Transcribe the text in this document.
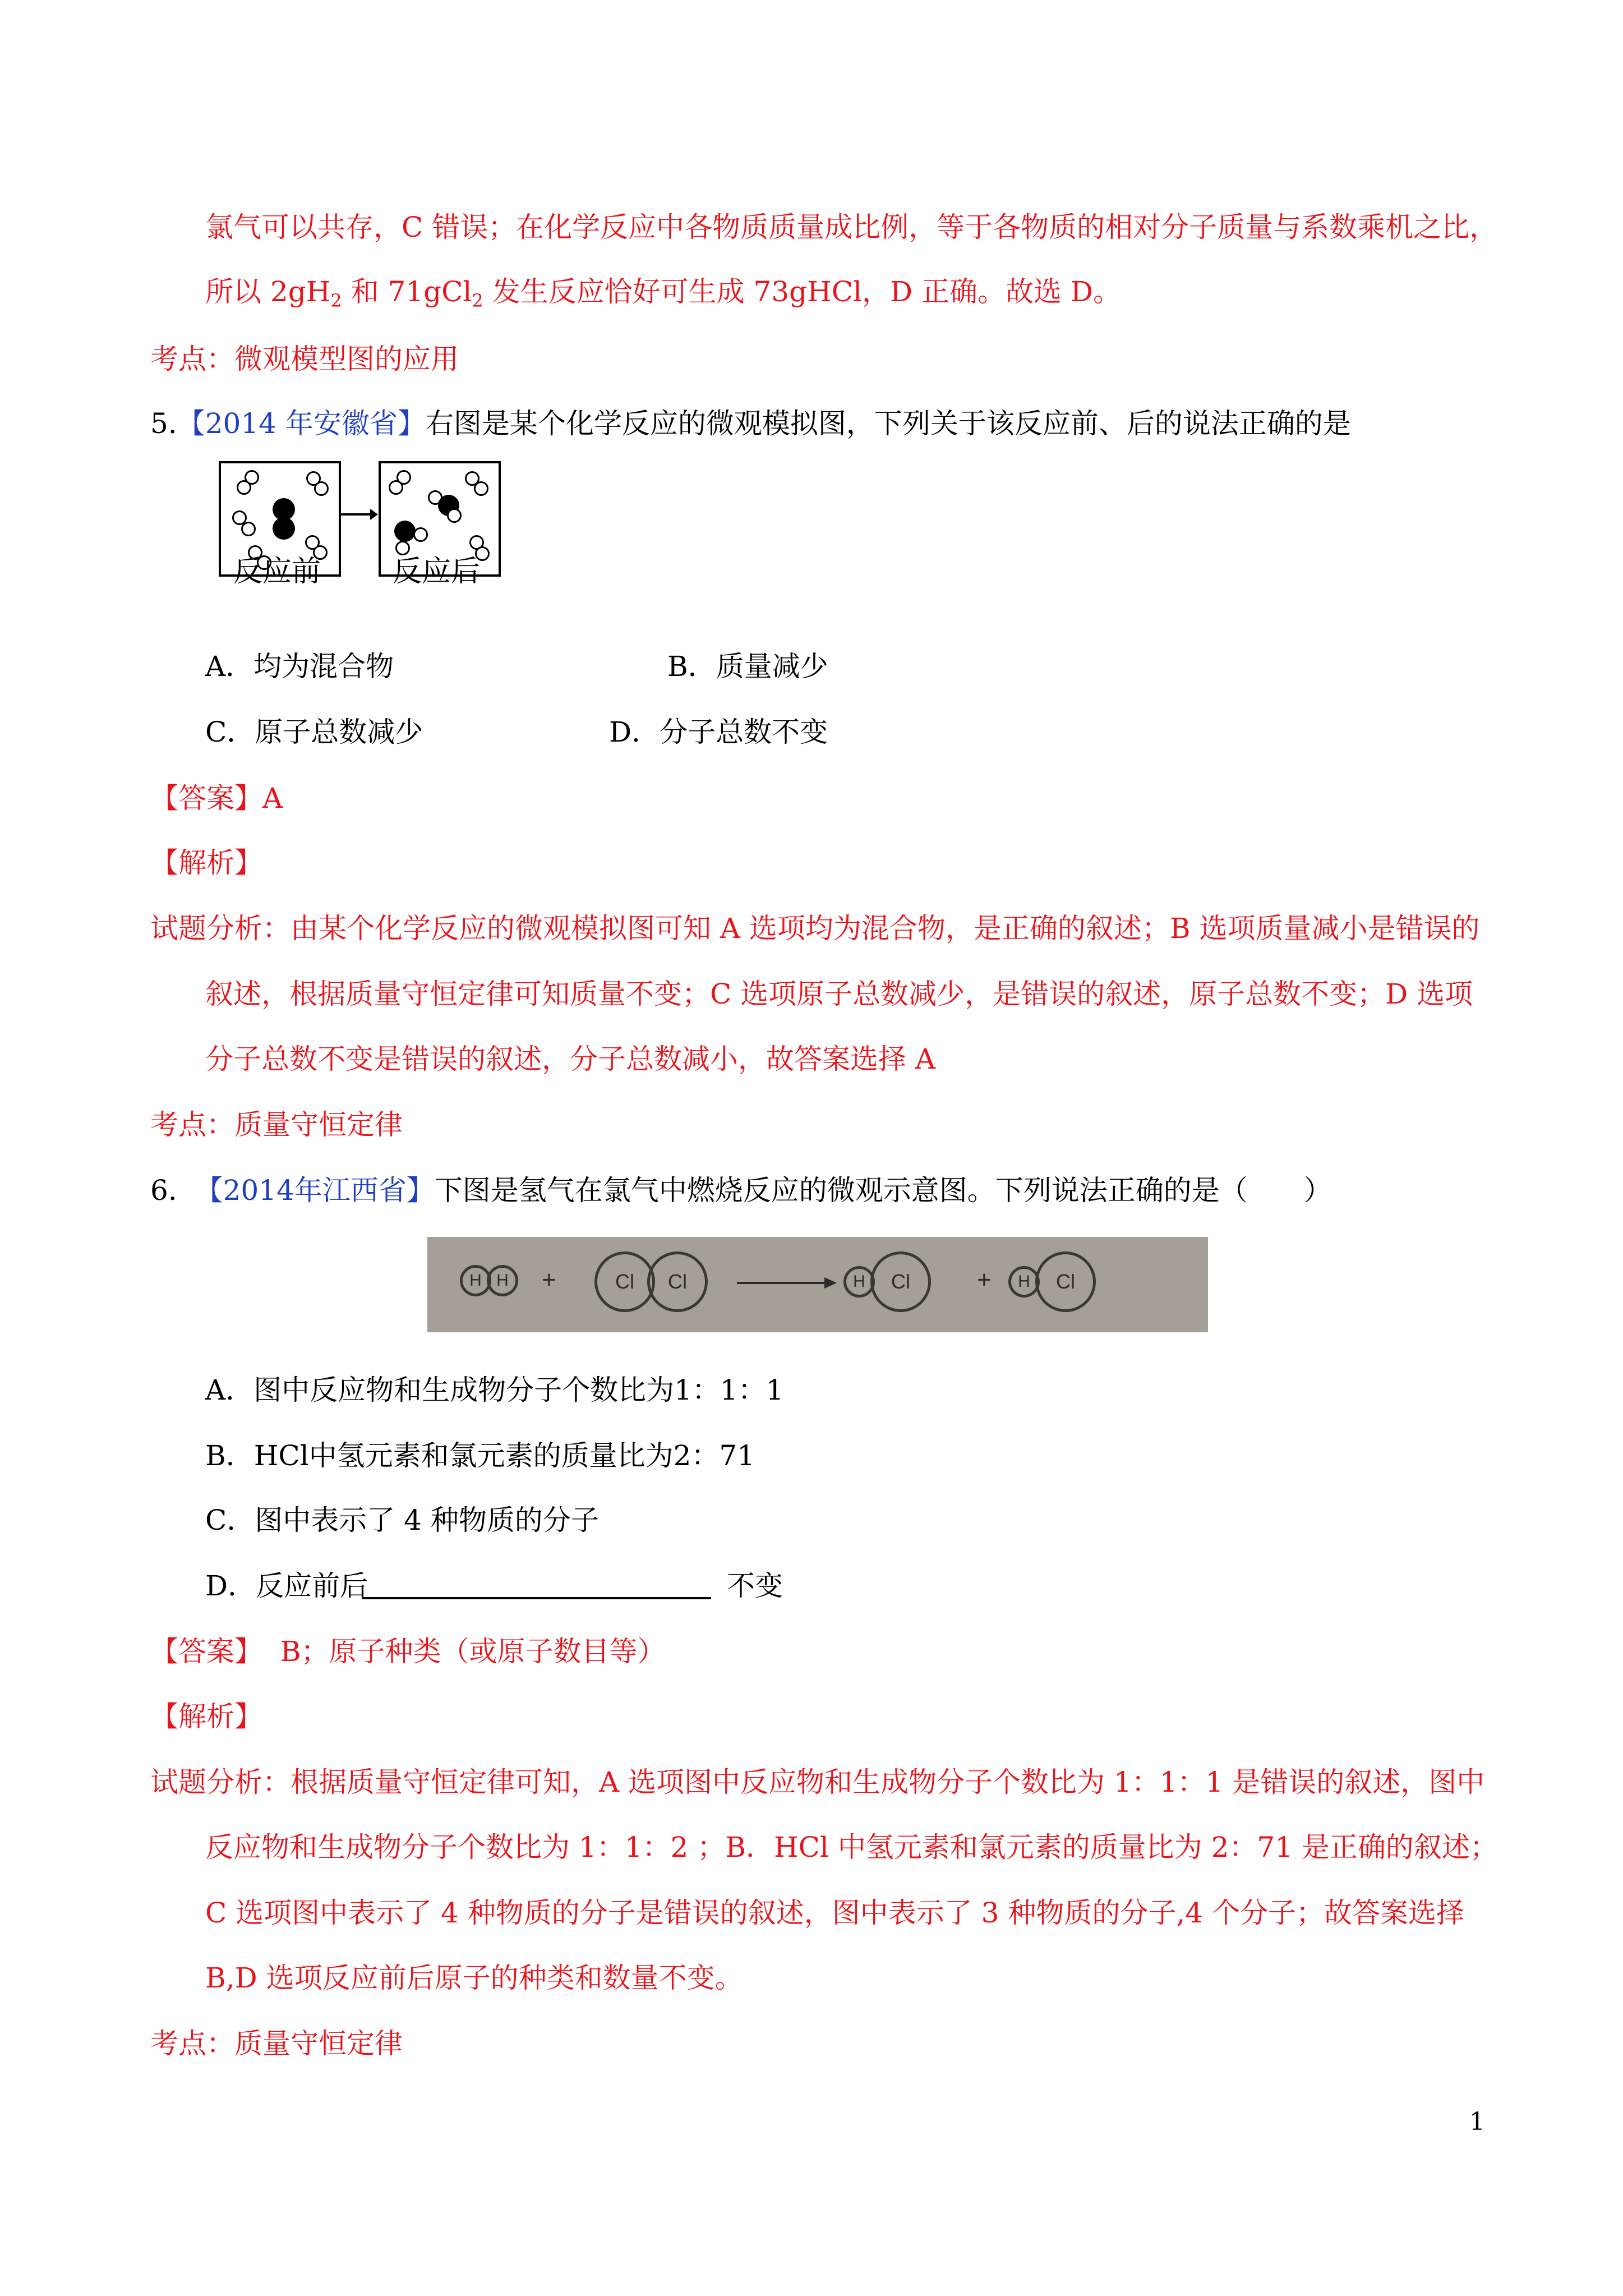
氯气可以共存，C 错误；在化学反应中各物质质量成比例，等于各物质的相对分子质量与系数乘机之比，
所以 $2gH_2$ 和 71gCl$_2$ 发生反应恰好可生成 73gHCl，D 正确。故选 D。
考点：微观模型图的应用
5.【2014 年安徽省】右图是某个化学反应的微观模拟图，下列关于该反应前、后的说法正确的是
反应前 反应后
A．均为混合物	B．质量减少
C．原子总数减少	D．分子总数不变
【答案】A
【解析】
试题分析：由某个化学反应的微观模拟图可知 A 选项均为混合物，是正确的叙述；B 选项质量减小是错误的
叙述，根据质量守恒定律可知质量不变；C 选项原子总数减少，是错误的叙述，原子总数不变；D 选项
分子总数不变是错误的叙述，分子总数减小，故答案选择 A
考点：质量守恒定律
6. 【2014年江西省】下图是氢气在氯气中燃烧反应的微观示意图。下列说法正确的是（　　）
H H	+	Cl	Cl	H	Cl	+	H	Cl
A．图中反应物和生成物分子个数比为1：1：1
B．HCl中氢元素和氯元素的质量比为2：71
C．图中表示了 4 种物质的分子
D．反应前后	不变
【答案】 B；原子种类（或原子数目等）
【解析】
试题分析：根据质量守恒定律可知，A 选项图中反应物和生成物分子个数比为 1：1：1 是错误的叙述，图中
反应物和生成物分子个数比为 1：1：2 ；B．HCl 中氢元素和氯元素的质量比为 2：71 是正确的叙述；
C 选项图中表示了 4 种物质的分子是错误的叙述，图中表示了 3 种物质的分子,4 个分子；故答案选择
B,D 选项反应前后原子的种类和数量不变。
考点：质量守恒定律
1
